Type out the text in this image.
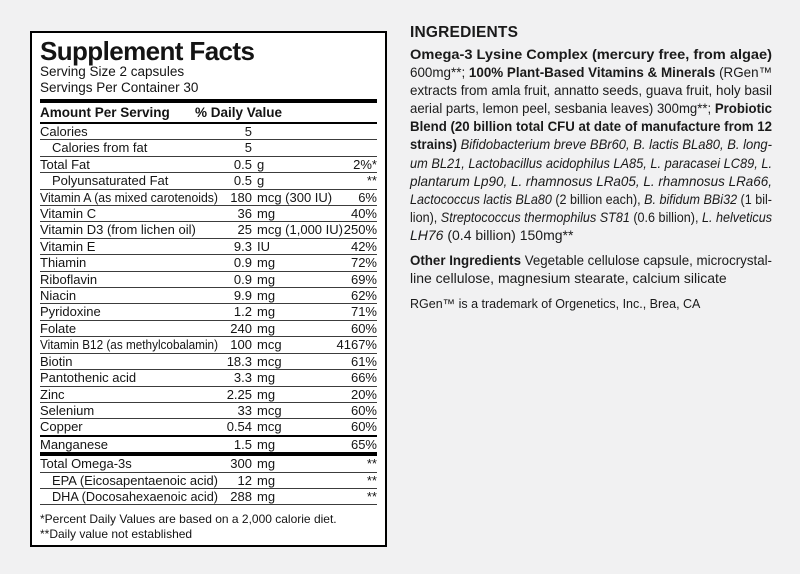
Supplement Facts
Serving Size 2 capsules
Servings Per Container 30
Amount Per Serving % Daily Value
Calories	5
Calories from fat	5
Total Fat	0.5 g	2%*
Polyunsaturated Fat	0.5 g	**
Vitamin A (as mixed carotenoids) 180 mcg (300 IU)	6%
Vitamin C	36 mg	40%
Vitamin D3 (from lichen oil)	25 mcg (1,000 IU) 250%
Vitamin E	9.3 IU	42%
Thiamin	0.9 mg	72%
Riboflavin	0.9 mg	69%
Niacin	9.9 mg	62%
Pyridoxine	1.2 mg	71%
Folate	240 mg	60%
Vitamin B12 (as methylcobalamin) 100 mcg	4167%
Biotin	18.3 mcg	61%
Pantothenic acid	3.3 mg	66%
Zinc	2.25 mg	20%
Selenium	33 mcg	60%
Copper	0.54 mcg	60%
Manganese	1.5 mg	65%
Total Omega-3s	300 mg	**
EPA (Eicosapentaenoic acid)	12 mg	**
DHA (Docosahexaenoic acid) 288 mg	**
*Percent Daily Values are based on a 2,000 calorie diet.
**Daily value not established
INGREDIENTS
Omega-3 Lysine Complex (mercury free, from algae)
600mg**; 100% Plant-Based Vitamins & Minerals (RGen™
extracts from amla fruit, annatto seeds, guava fruit, holy basil
aerial parts, lemon peel, sesbania leaves) 300mg**; Probiotic
Blend (20 billion total CFU at date of manufacture from 12
strains) Bifidobacterium breve BBr60, B. lactis BLa80, B. long-
um BL21, Lactobacillus acidophilus LA85, L. paracasei LC89, L.
plantarum Lp90, L. rhamnosus LRa05, L. rhamnosus LRa66,
Lactococcus lactis BLa80 (2 billion each), B. bifidum BBi32 (1 bil-
lion), Streptococcus thermophilus ST81 (0.6 billion), L. helveticus
LH76 (0.4 billion) 150mg**
Other Ingredients Vegetable cellulose capsule, microcrystal-
line cellulose, magnesium stearate, calcium silicate
RGen™ is a trademark of Orgenetics, Inc., Brea, CA
